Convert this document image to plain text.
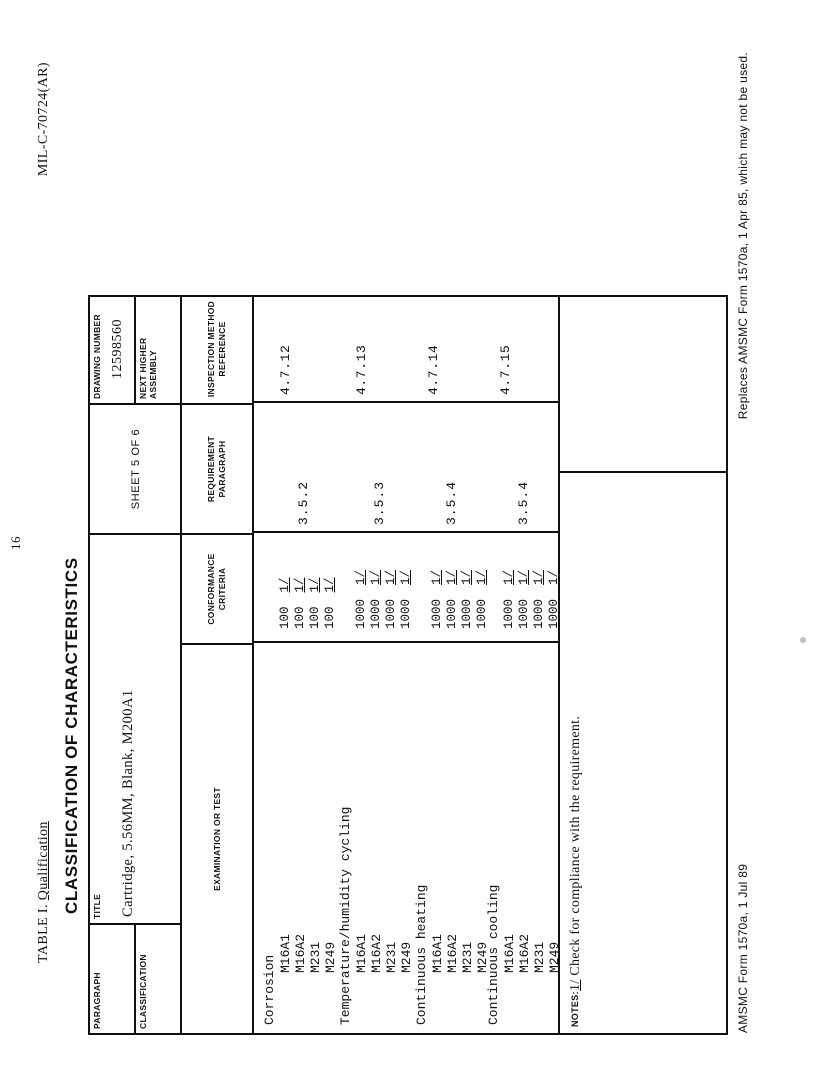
16
TABLE I. Qualification
MIL-C-70724(AR)
CLASSIFICATION OF CHARACTERISTICS
PARAGRAPH
TITLE Cartridge, 5.56MM, Blank, M200A1
SHEET 5 OF 6
DRAWING NUMBER 12598560
CLASSIFICATION
NEXT HIGHER ASSEMBLY
EXAMINATION OR TEST
CONFORMANCE CRITERIA
REQUIREMENT PARAGRAPH
INSPECTION METHOD REFERENCE
Corrosion
M16A1 M16A2 M231 M249
100 100 100 100
1/ 1/ 1/ 1/
3.5.2
4.7.12
Temperature/humidity cycling M16A1 M16A2 M231 M249
1000 1000 1000 1000
1/ 1/ 1/ 1/
3.5.3
4.7.13
Continuous heating M16A1 M16A2 M231 M249
1000 1000 1000 1000
1/ 1/ 1/ 1/
3.5.4
4.7.14
Continuous cooling M16A1 M16A2 M231 M249
1000 1000 1000 1000
1/ 1/ 1/ 1/
3.5.4
4.7.15
NOTES:
1/ Check for compliance with the requirement.	AMSMC Form 1570a, 1 Jul 89
Replaces AMSMC Form 1570a, 1 Apr 85, which may not be used.
